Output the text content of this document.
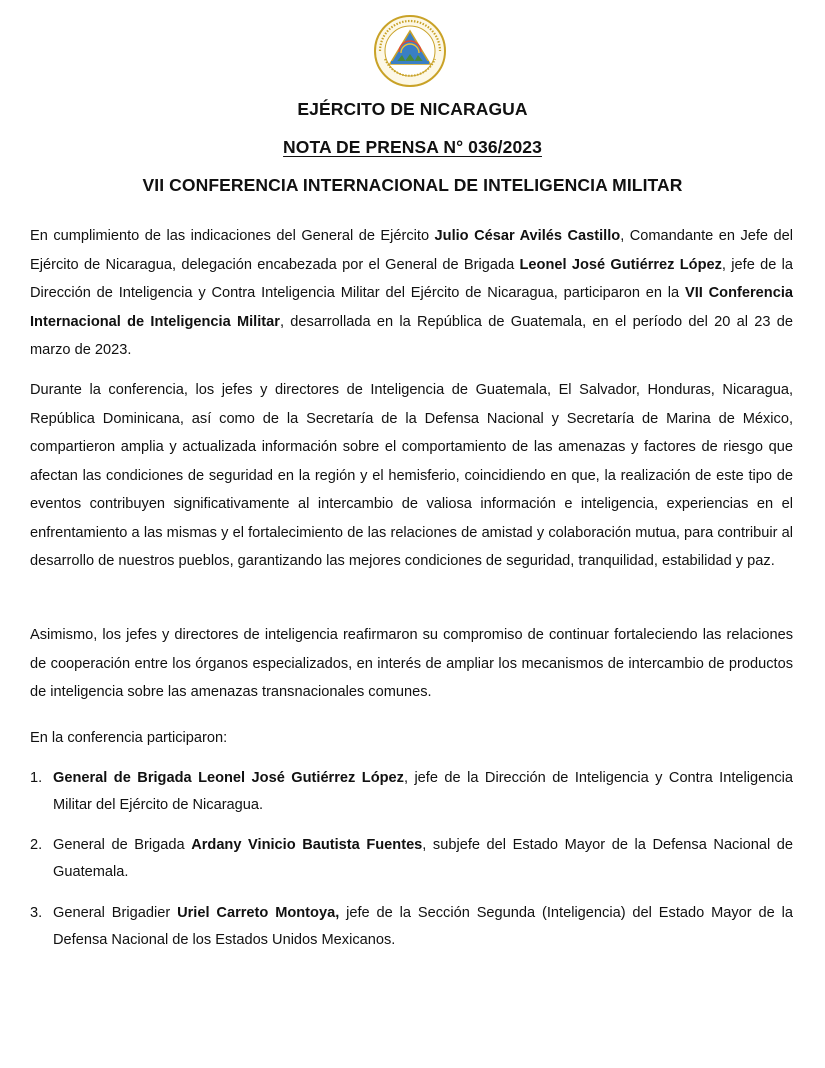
EJÉRCITO DE NICARAGUA
NOTA DE PRENSA N° 036/2023
VII CONFERENCIA INTERNACIONAL DE INTELIGENCIA MILITAR

En cumplimiento de las indicaciones del General de Ejército Julio César Avilés Castillo, Comandante en Jefe del Ejército de Nicaragua, delegación encabezada por el General de Brigada Leonel José Gutiérrez López, jefe de la Dirección de Inteligencia y Contra Inteligencia Militar del Ejército de Nicaragua, participaron en la VII Conferencia Internacional de Inteligencia Militar, desarrollada en la República de Guatemala, en el período del 20 al 23 de marzo de 2023.

Durante la conferencia, los jefes y directores de Inteligencia de Guatemala, El Salvador, Honduras, Nicaragua, República Dominicana, así como de la Secretaría de la Defensa Nacional y Secretaría de Marina de México, compartieron amplia y actualizada información sobre el comportamiento de las amenazas y factores de riesgo que afectan las condiciones de seguridad en la región y el hemisferio, coincidiendo en que, la realización de este tipo de eventos contribuyen significativamente al intercambio de valiosa información e inteligencia, experiencias en el enfrentamiento a las mismas y el fortalecimiento de las relaciones de amistad y colaboración mutua, para contribuir al desarrollo de nuestros pueblos, garantizando las mejores condiciones de seguridad, tranquilidad, estabilidad y paz.

Asimismo, los jefes y directores de inteligencia reafirmaron su compromiso de continuar fortaleciendo las relaciones de cooperación entre los órganos especializados, en interés de ampliar los mecanismos de intercambio de productos de inteligencia sobre las amenazas transnacionales comunes.

En la conferencia participaron:

1. General de Brigada Leonel José Gutiérrez López, jefe de la Dirección de Inteligencia y Contra Inteligencia Militar del Ejército de Nicaragua.
2. General de Brigada Ardany Vinicio Bautista Fuentes, subjefe del Estado Mayor de la Defensa Nacional de Guatemala.
3. General Brigadier Uriel Carreto Montoya, jefe de la Sección Segunda (Inteligencia) del Estado Mayor de la Defensa Nacional de los Estados Unidos Mexicanos.
